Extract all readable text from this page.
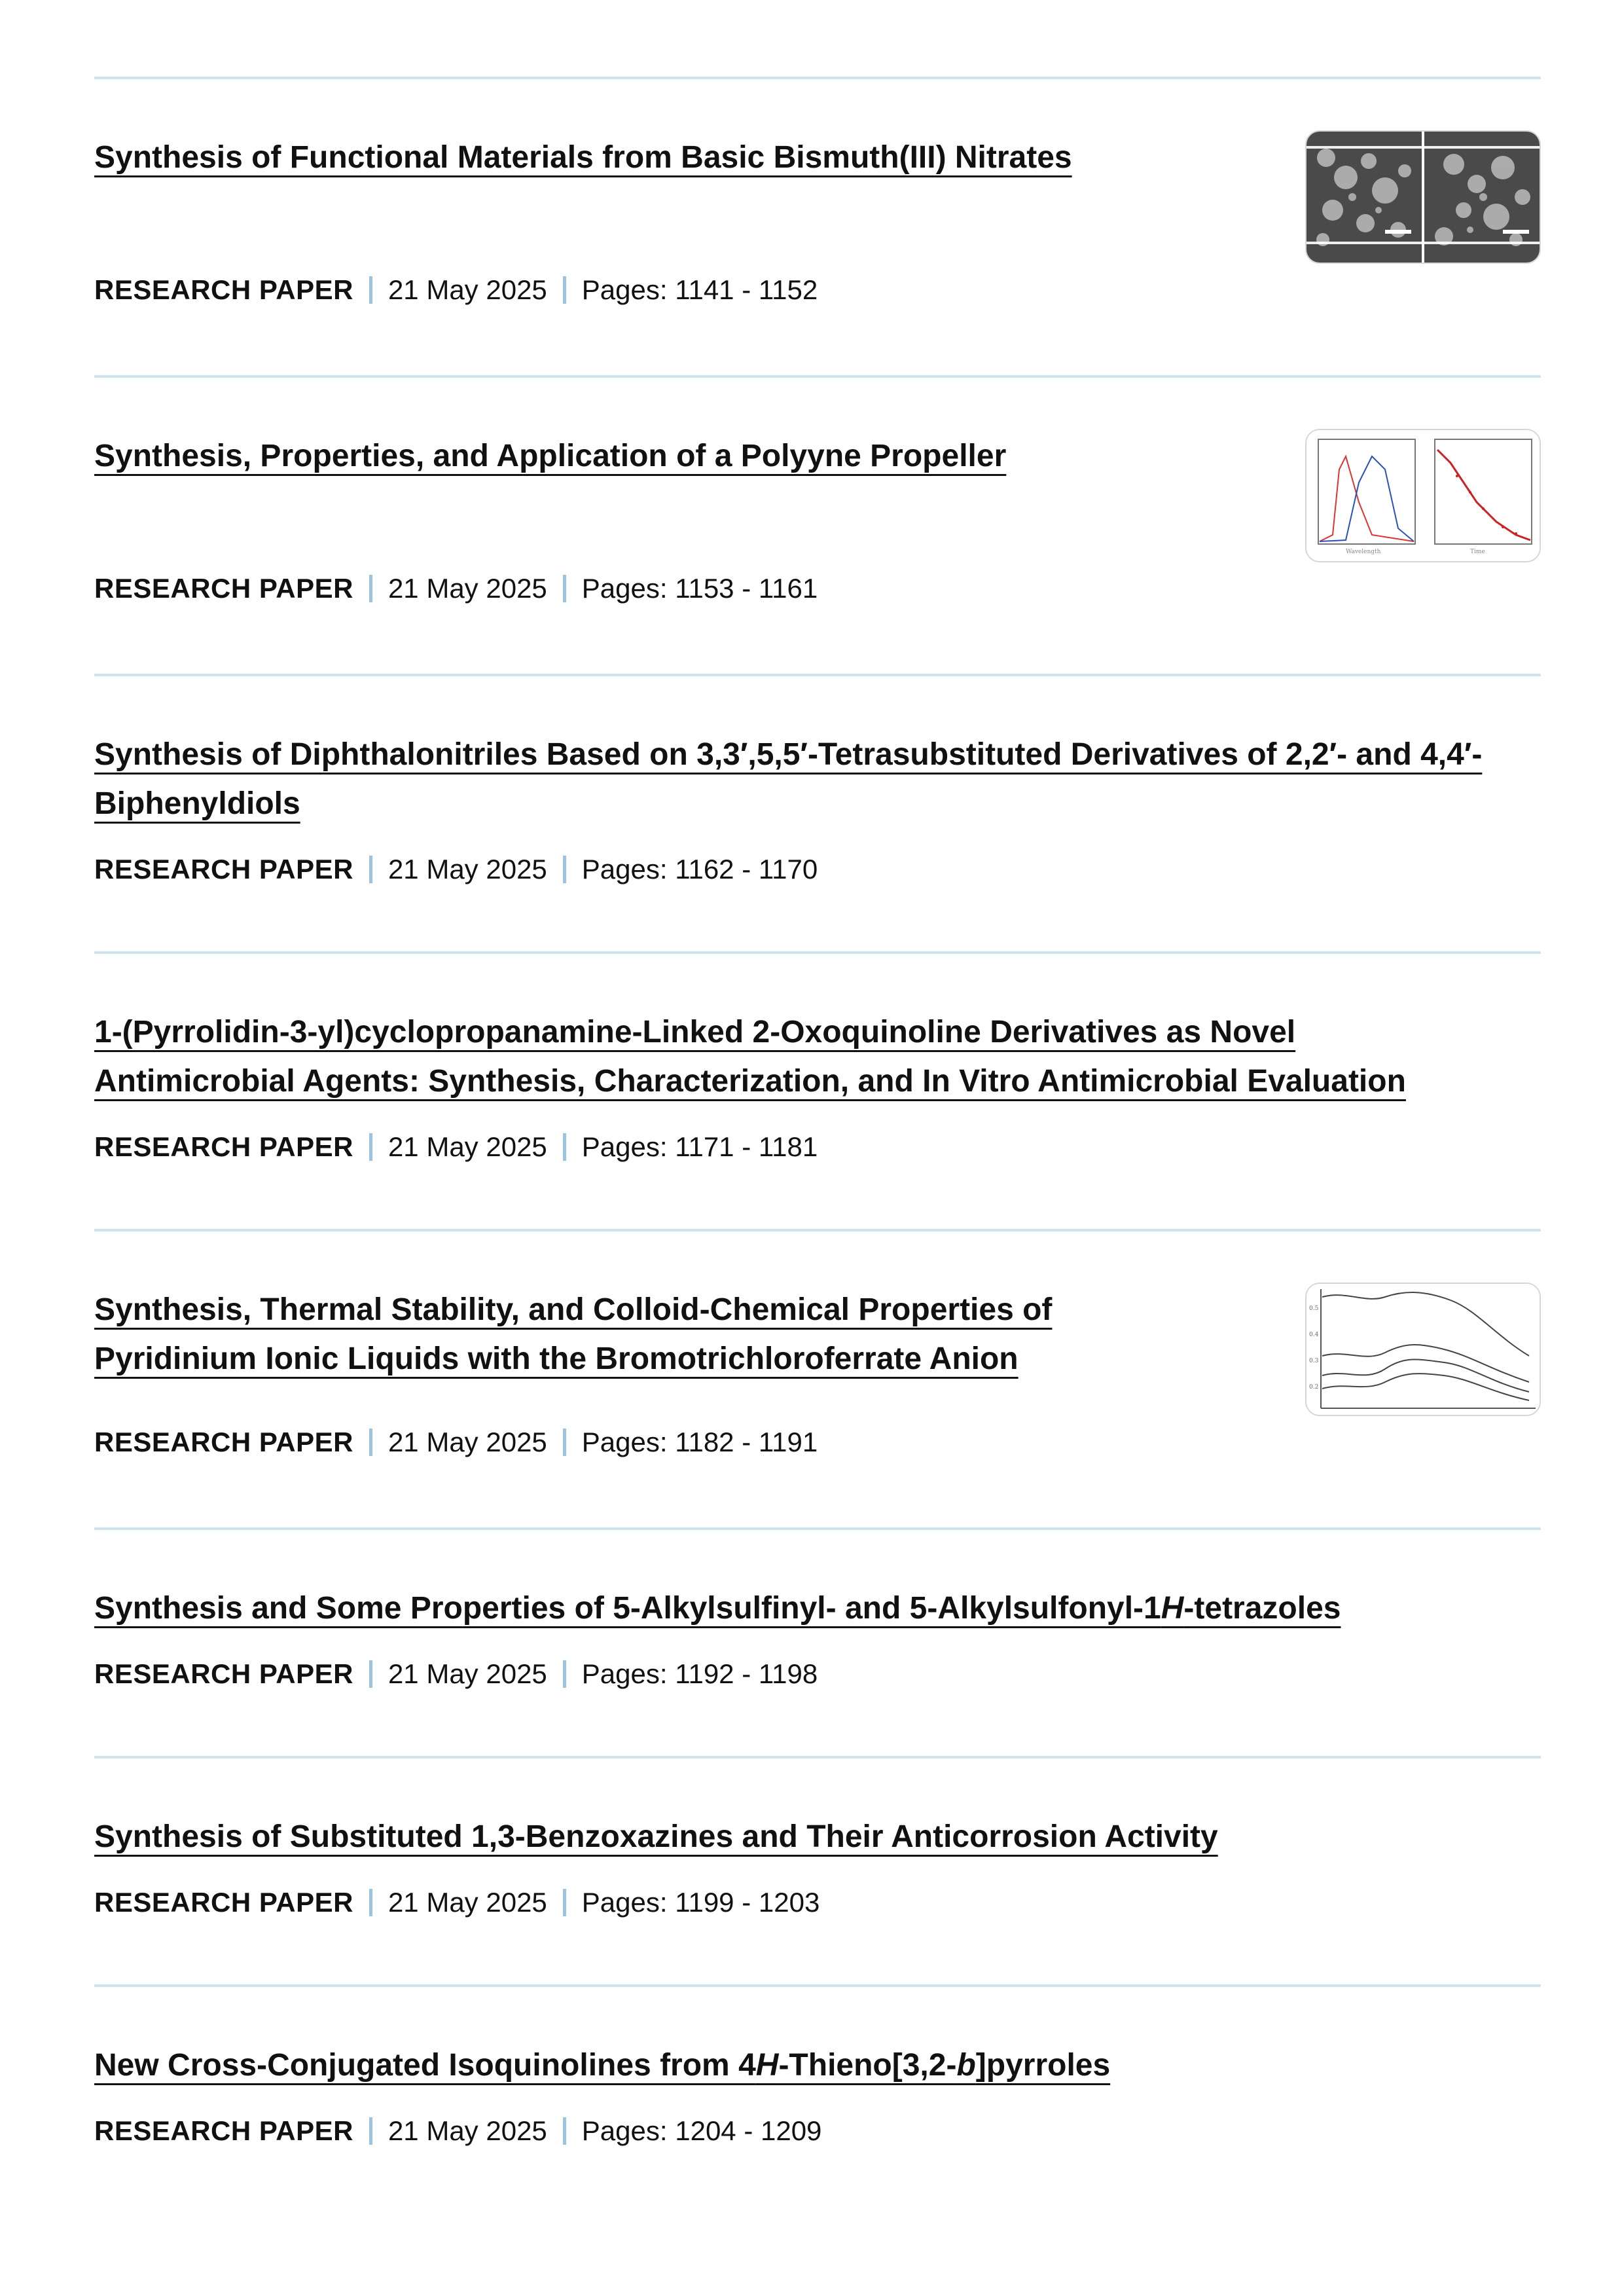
Synthesis of Functional Materials from Basic Bismuth(III) Nitrates
RESEARCH PAPER 21 May 2025 Pages: 1141 - 1152
Synthesis, Properties, and Application of a Polyyne Propeller
RESEARCH PAPER 21 May 2025 Pages: 1153 - 1161
Wavelength	Time
Synthesis of Diphthalonitriles Based on 3,3′,5,5′-Tetrasubstituted Derivatives of 2,2′- and 4,4′-Biphenyldiols
RESEARCH PAPER 21 May 2025 Pages: 1162 - 1170
1-(Pyrrolidin-3-yl)cyclopropanamine-Linked 2-Oxoquinoline Derivatives as Novel Antimicrobial Agents: Synthesis, Characterization, and In Vitro Antimicrobial Evaluation
RESEARCH PAPER 21 May 2025 Pages: 1171 - 1181
Synthesis, Thermal Stability, and Colloid-Chemical Properties of Pyridinium Ionic Liquids with the Bromotrichloroferrate Anion
RESEARCH PAPER 21 May 2025 Pages: 1182 - 1191
0.5
0.4
0.3
0.2
Synthesis and Some Properties of 5-Alkylsulfinyl- and 5-Alkylsulfonyl-1H-tetrazoles
RESEARCH PAPER 21 May 2025 Pages: 1192 - 1198
Synthesis of Substituted 1,3-Benzoxazines and Their Anticorrosion Activity
RESEARCH PAPER 21 May 2025 Pages: 1199 - 1203
New Cross-Conjugated Isoquinolines from 4H-Thieno[3,2-b]pyrroles
RESEARCH PAPER 21 May 2025 Pages: 1204 - 1209
